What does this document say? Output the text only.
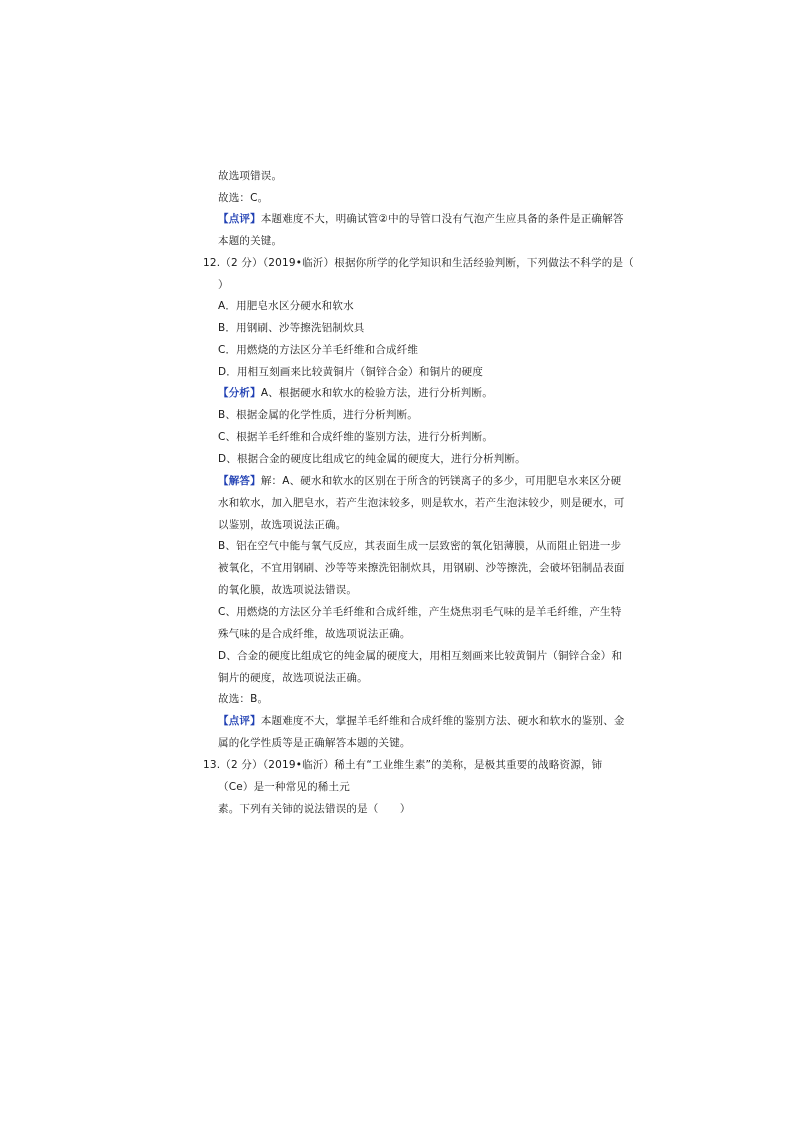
故选项错误。
故选：C。
【点评】本题难度不大，明确试管②中的导管口没有气泡产生应具备的条件是正确解答
本题的关键。
12.（2 分）（2019•临沂）根据你所学的化学知识和生活经验判断，下列做法不科学的是（
）
A．用肥皂水区分硬水和软水
B．用钢刷、沙等擦洗铝制炊具
C．用燃烧的方法区分羊毛纤维和合成纤维
D．用相互刻画来比较黄铜片（铜锌合金）和铜片的硬度
【分析】A、根据硬水和软水的检验方法，进行分析判断。
B、根据金属的化学性质，进行分析判断。
C、根据羊毛纤维和合成纤维的鉴别方法，进行分析判断。
D、根据合金的硬度比组成它的纯金属的硬度大，进行分析判断。
【解答】解：A、硬水和软水的区别在于所含的钙镁离子的多少，可用肥皂水来区分硬
水和软水，加入肥皂水，若产生泡沫较多，则是软水，若产生泡沫较少，则是硬水，可
以鉴别，故选项说法正确。
B、铝在空气中能与氧气反应，其表面生成一层致密的氧化铝薄膜，从而阻止铝进一步
被氧化，不宜用钢刷、沙等等来擦洗铝制炊具，用钢刷、沙等擦洗，会破坏铝制品表面
的氧化膜，故选项说法错误。
C、用燃烧的方法区分羊毛纤维和合成纤维，产生烧焦羽毛气味的是羊毛纤维，产生特
殊气味的是合成纤维，故选项说法正确。
D、合金的硬度比组成它的纯金属的硬度大，用相互刻画来比较黄铜片（铜锌合金）和
铜片的硬度，故选项说法正确。
故选：B。
【点评】本题难度不大，掌握羊毛纤维和合成纤维的鉴别方法、硬水和软水的鉴别、金
属的化学性质等是正确解答本题的关键。
13.（2 分）（2019•临沂）稀土有“工业维生素”的美称，是极其重要的战略资源，铈
（Ce）是一种常见的稀土元
素。下列有关铈的说法错误的是（　　）
